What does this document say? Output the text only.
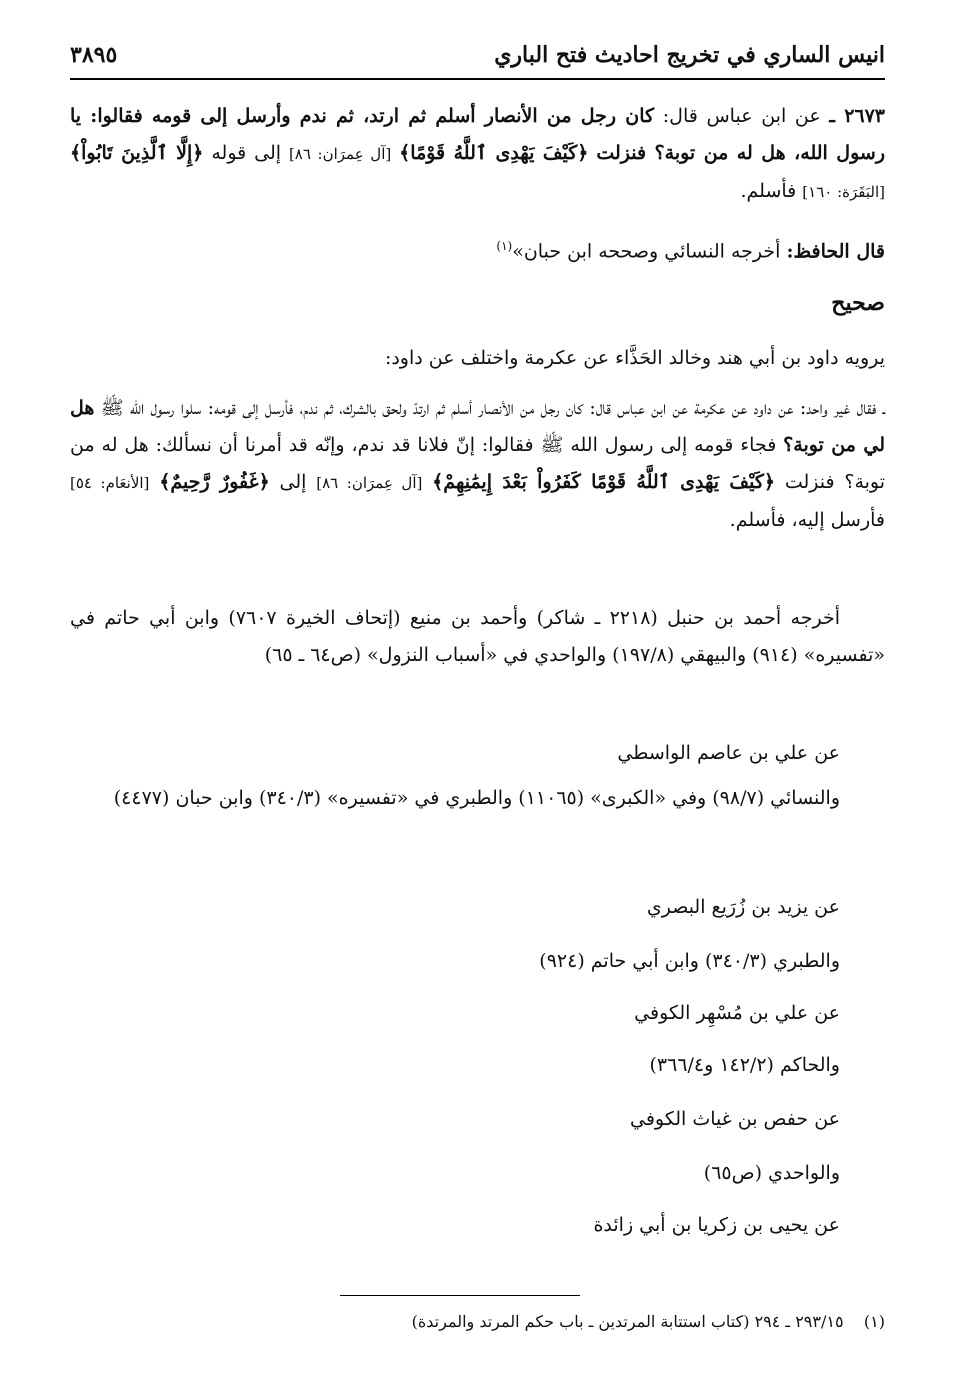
انيس الساري في تخريج احاديث فتح الباري
٣٨٩٥
٢٦٧٣ ـ عن ابن عباس قال: كان رجل من الأنصار أسلم ثم ارتد، ثم ندم وأرسل إلى قومه فقالوا: يا رسول الله، هل له من توبة؟ فنزلت ﴿كَيْفَ يَهْدِى ٱللَّهُ قَوْمًا﴾ [آل عِمرَان: ٨٦] إلى قوله ﴿إِلَّا ٱلَّذِينَ تَابُواْ﴾ [البَقَرَة: ١٦٠] فأسلم.
قال الحافظ: أخرجه النسائي وصححه ابن حبان»$^{(١)}$
صحيح
يرويه داود بن أبي هند وخالد الحَذَّاء عن عكرمة واختلف عن داود:
ـ فقال غير واحد: عن داود عن عكرمة عن ابن عباس قال: كان رجل من الأنصار أسلم ثم ارتدّ ولحق بالشرك، ثم ندم، فأرسل إلى قومه: سلوا رسول الله ﷺ هل لي من توبة؟ فجاء قومه إلى رسول الله ﷺ فقالوا: إنّ فلانا قد ندم، وإنّه قد أمرنا أن نسألك: هل له من توبة؟ فنزلت ﴿كَيْفَ يَهْدِى ٱللَّهُ قَوْمًا كَفَرُواْ بَعْدَ إِيمَٰنِهِمْ﴾ [آل عِمرَان: ٨٦] إلى ﴿غَفُورٌ رَّحِيمٌ﴾ [الأنعَام: ٥٤] فأرسل إليه، فأسلم.
أخرجه أحمد بن حنبل (٢٢١٨ ـ شاكر) وأحمد بن منيع (إتحاف الخيرة ٧٦٠٧) وابن أبي حاتم في «تفسيره» (٩١٤) والبيهقي (١٩٧/٨) والواحدي في «أسباب النزول» (ص٦٤ ـ ٦٥)
عن علي بن عاصم الواسطي
والنسائي (٩٨/٧) وفي «الكبرى» (١١٠٦٥) والطبري في «تفسيره» (٣٤٠/٣) وابن حبان (٤٤٧٧)
عن يزيد بن زُرَيع البصري
والطبري (٣٤٠/٣) وابن أبي حاتم (٩٢٤)
عن علي بن مُسْهِر الكوفي
والحاكم (١٤٢/٢ و٣٦٦/٤)
عن حفص بن غياث الكوفي
والواحدي (ص٦٥)
عن يحيى بن زكريا بن أبي زائدة
(١)    ٢٩٣/١٥ ـ ٢٩٤ (كتاب استتابة المرتدين ـ باب حكم المرتد والمرتدة)
